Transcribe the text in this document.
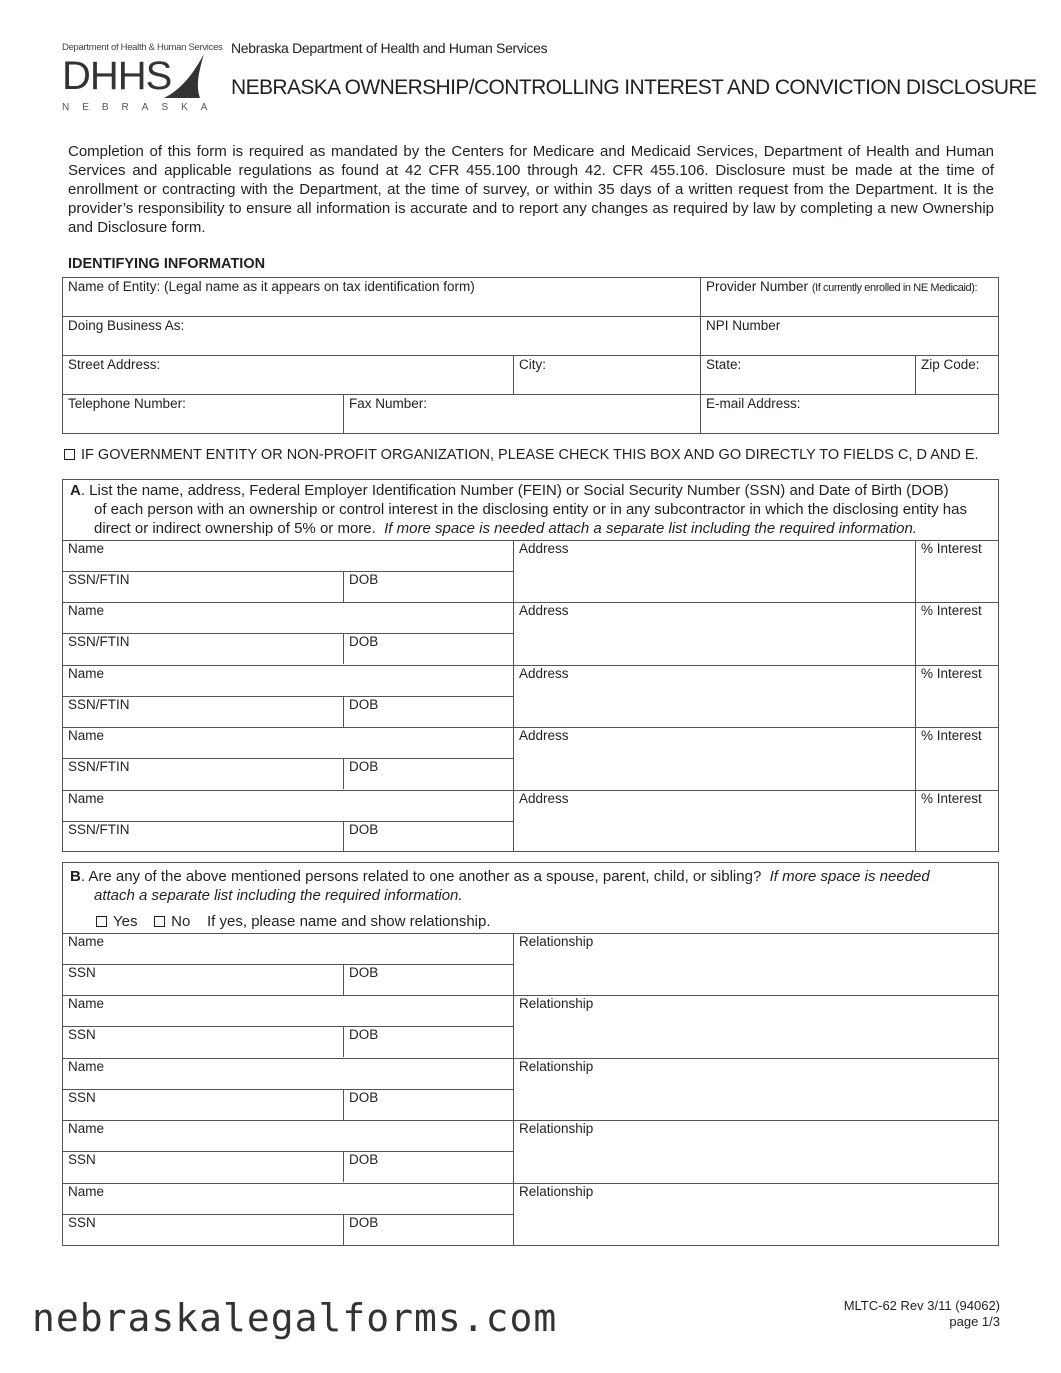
Department of Health & Human Services
DHHS
NEBRASKA
Nebraska Department of Health and Human Services
NEBRASKA OWNERSHIP/CONTROLLING INTEREST AND CONVICTION DISCLOSURE

Completion of this form is required as mandated by the Centers for Medicare and Medicaid Services, Department of Health and Human Services and applicable regulations as found at 42 CFR 455.100 through 42. CFR 455.106. Disclosure must be made at the time of enrollment or contracting with the Department, at the time of survey, or within 35 days of a written request from the Department. It is the provider’s responsibility to ensure all information is accurate and to report any changes as required by law by completing a new Ownership and Disclosure form.

IDENTIFYING INFORMATION
Name of Entity: (Legal name as it appears on tax identification form)	Provider Number (If currently enrolled in NE Medicaid):
Doing Business As:	NPI Number
Street Address:	City:	State:	Zip Code:
Telephone Number:	Fax Number:	E-mail Address:
IF GOVERNMENT ENTITY OR NON-PROFIT ORGANIZATION, PLEASE CHECK THIS BOX AND GO DIRECTLY TO FIELDS C, D AND E.
A. List the name, address, Federal Employer Identification Number (FEIN) or Social Security Number (SSN) and Date of Birth (DOB)
of each person with an ownership or control interest in the disclosing entity or in any subcontractor in which the disclosing entity has
direct or indirect ownership of 5% or more. If more space is needed attach a separate list including the required information.
Name
SSN/FTIN	DOB
Address	% Interest
Name
SSN/FTIN	DOB
Address	% Interest
Name
SSN/FTIN	DOB
Address	% Interest
Name
SSN/FTIN	DOB
Address	% Interest
Name
SSN/FTIN	DOB
Address	% Interest
B. Are any of the above mentioned persons related to one another as a spouse, parent, child, or sibling? If more space is needed
attach a separate list including the required information.
Yes No If yes, please name and show relationship.
Name
SSN	DOB
Relationship
Name
SSN	DOB
Relationship
Name
SSN	DOB
Relationship
Name
SSN	DOB
Relationship
Name
SSN	DOB
Relationship
MLTC-62 Rev 3/11 (94062)
page 1/3
nebraskalegalforms.com
